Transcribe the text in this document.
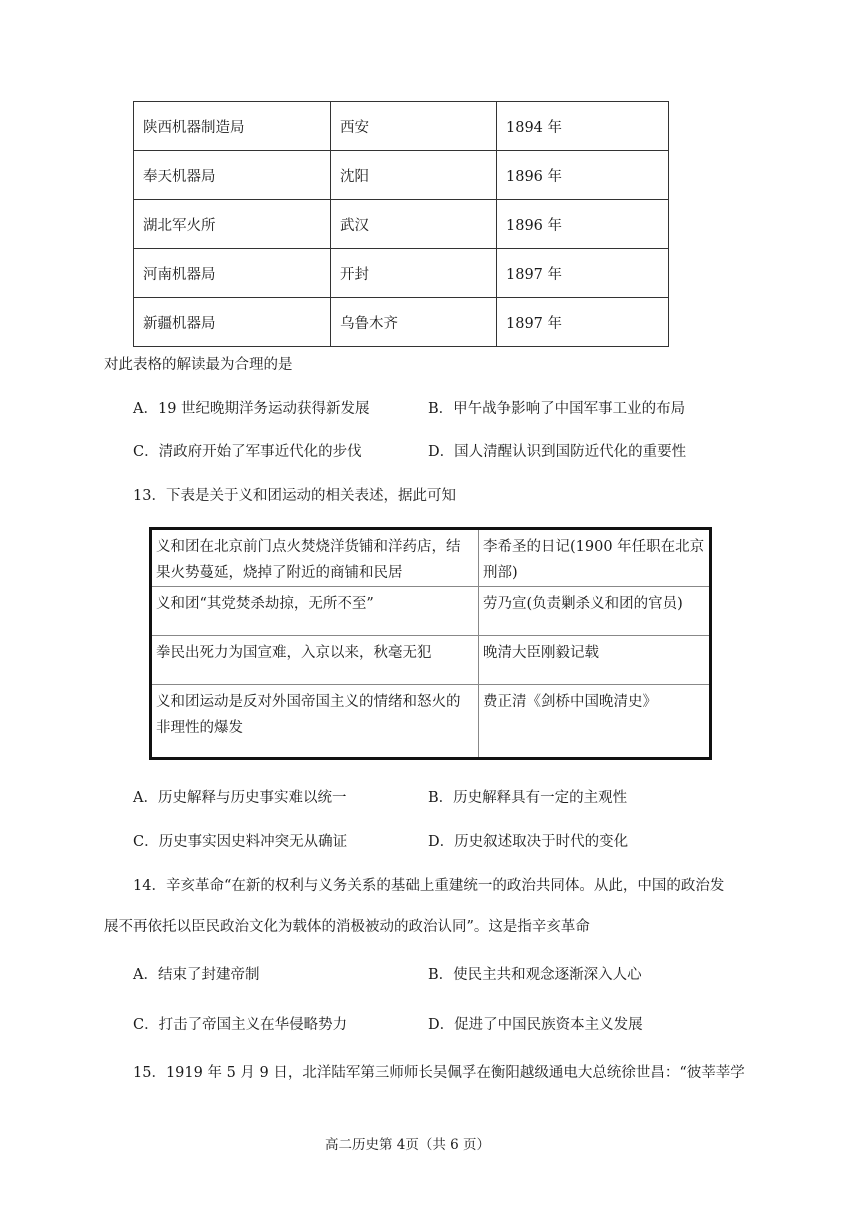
陕西机器制造局	西安	1894 年
奉天机器局	沈阳	1896 年
湖北军火所	武汉	1896 年
河南机器局	开封	1897 年
新疆机器局	乌鲁木齐	1897 年
对此表格的解读最为合理的是
A．19 世纪晚期洋务运动获得新发展	B．甲午战争影响了中国军事工业的布局
C．清政府开始了军事近代化的步伐	D．国人清醒认识到国防近代化的重要性
13．下表是关于义和团运动的相关表述，据此可知
义和团在北京前门点火焚烧洋货铺和洋药店，结果火势蔓延，烧掉了附近的商铺和民居	李希圣的日记(1900 年任职在北京刑部)
义和团“其党焚杀劫掠，无所不至”	劳乃宣(负责剿杀义和团的官员)
拳民出死力为国宣难，入京以来，秋毫无犯	晚清大臣刚毅记载
义和团运动是反对外国帝国主义的情绪和怒火的非理性的爆发	费正清《剑桥中国晚清史》
A．历史解释与历史事实难以统一	B．历史解释具有一定的主观性
C．历史事实因史料冲突无从确证	D．历史叙述取决于时代的变化
14．辛亥革命“在新的权利与义务关系的基础上重建统一的政治共同体。从此，中国的政治发
展不再依托以臣民政治文化为载体的消极被动的政治认同”。这是指辛亥革命
A．结束了封建帝制	B．使民主共和观念逐渐深入人心
C．打击了帝国主义在华侵略势力	D．促进了中国民族资本主义发展
15．1919 年 5 月 9 日，北洋陆军第三师师长吴佩孚在衡阳越级通电大总统徐世昌：“彼莘莘学
高二历史第 4页（共 6 页）
